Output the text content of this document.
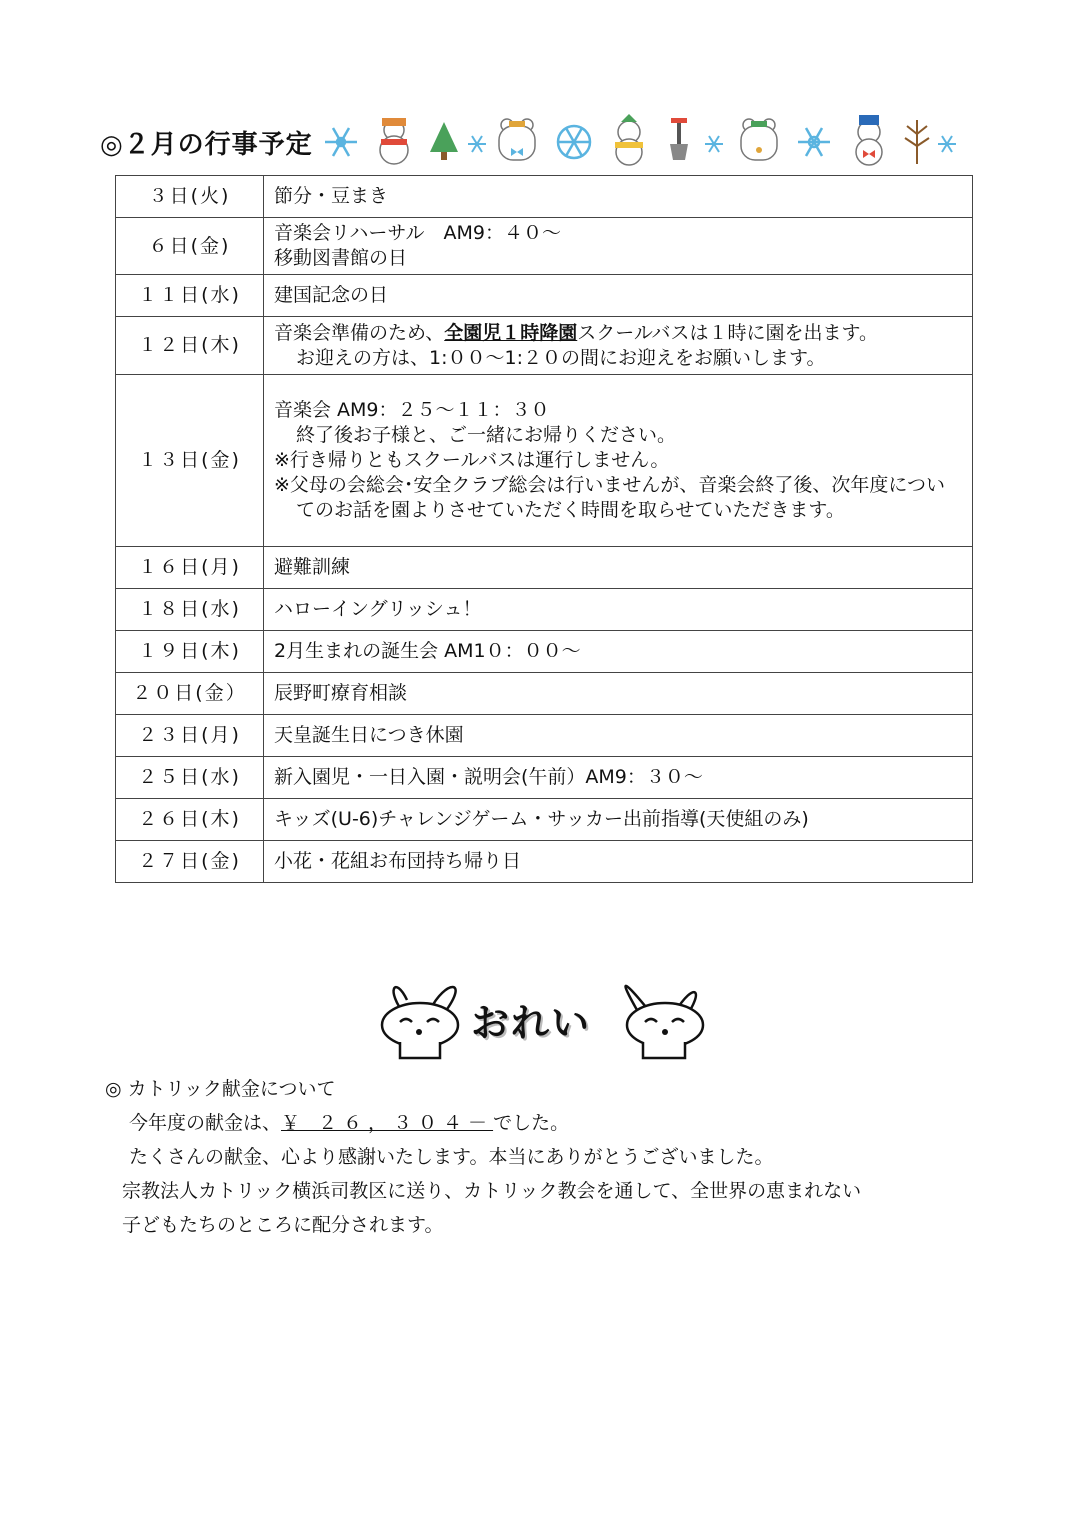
◎２月の行事予定
３日(火)	節分・豆まき

６日(金)	音楽会リハーサル　AM9：４０～
移動図書館の日

１１日(水)	建国記念の日

１２日(木)	音楽会準備のため、全園児１時降園スクールバスは１時に園を出ます。
お迎えの方は、1:００～1:２０の間にお迎えをお願いします。

１３日(金)	音楽会 AM9：２５～１１：３０
終了後お子様と、ご一緒にお帰りください。
※行き帰りともスクールバスは運行しません。
※父母の会総会･安全クラブ総会は行いませんが、音楽会終了後、次年度についてのお話を園よりさせていただく時間を取らせていただきます。

１６日(月)	避難訓練

１８日(水)	ハローイングリッシュ！

１９日(木)	2月生まれの誕生会 AM1０：００～

２０日(金）	辰野町療育相談

２３日(月)	天皇誕生日につき休園

２５日(水)	新入園児・一日入園・説明会(午前）AM9：３０～

２６日(木)	キッズ(U-6)チャレンジゲーム・サッカー出前指導(天使組のみ)

２７日(金)	小花・花組お布団持ち帰り日
おれい
◎ カトリック献金について
今年度の献金は、￥ ２６，３０４－でした。
たくさんの献金、心より感謝いたします。本当にありがとうございました。
宗教法人カトリック横浜司教区に送り、カトリック教会を通して、全世界の恵まれない
子どもたちのところに配分されます。
